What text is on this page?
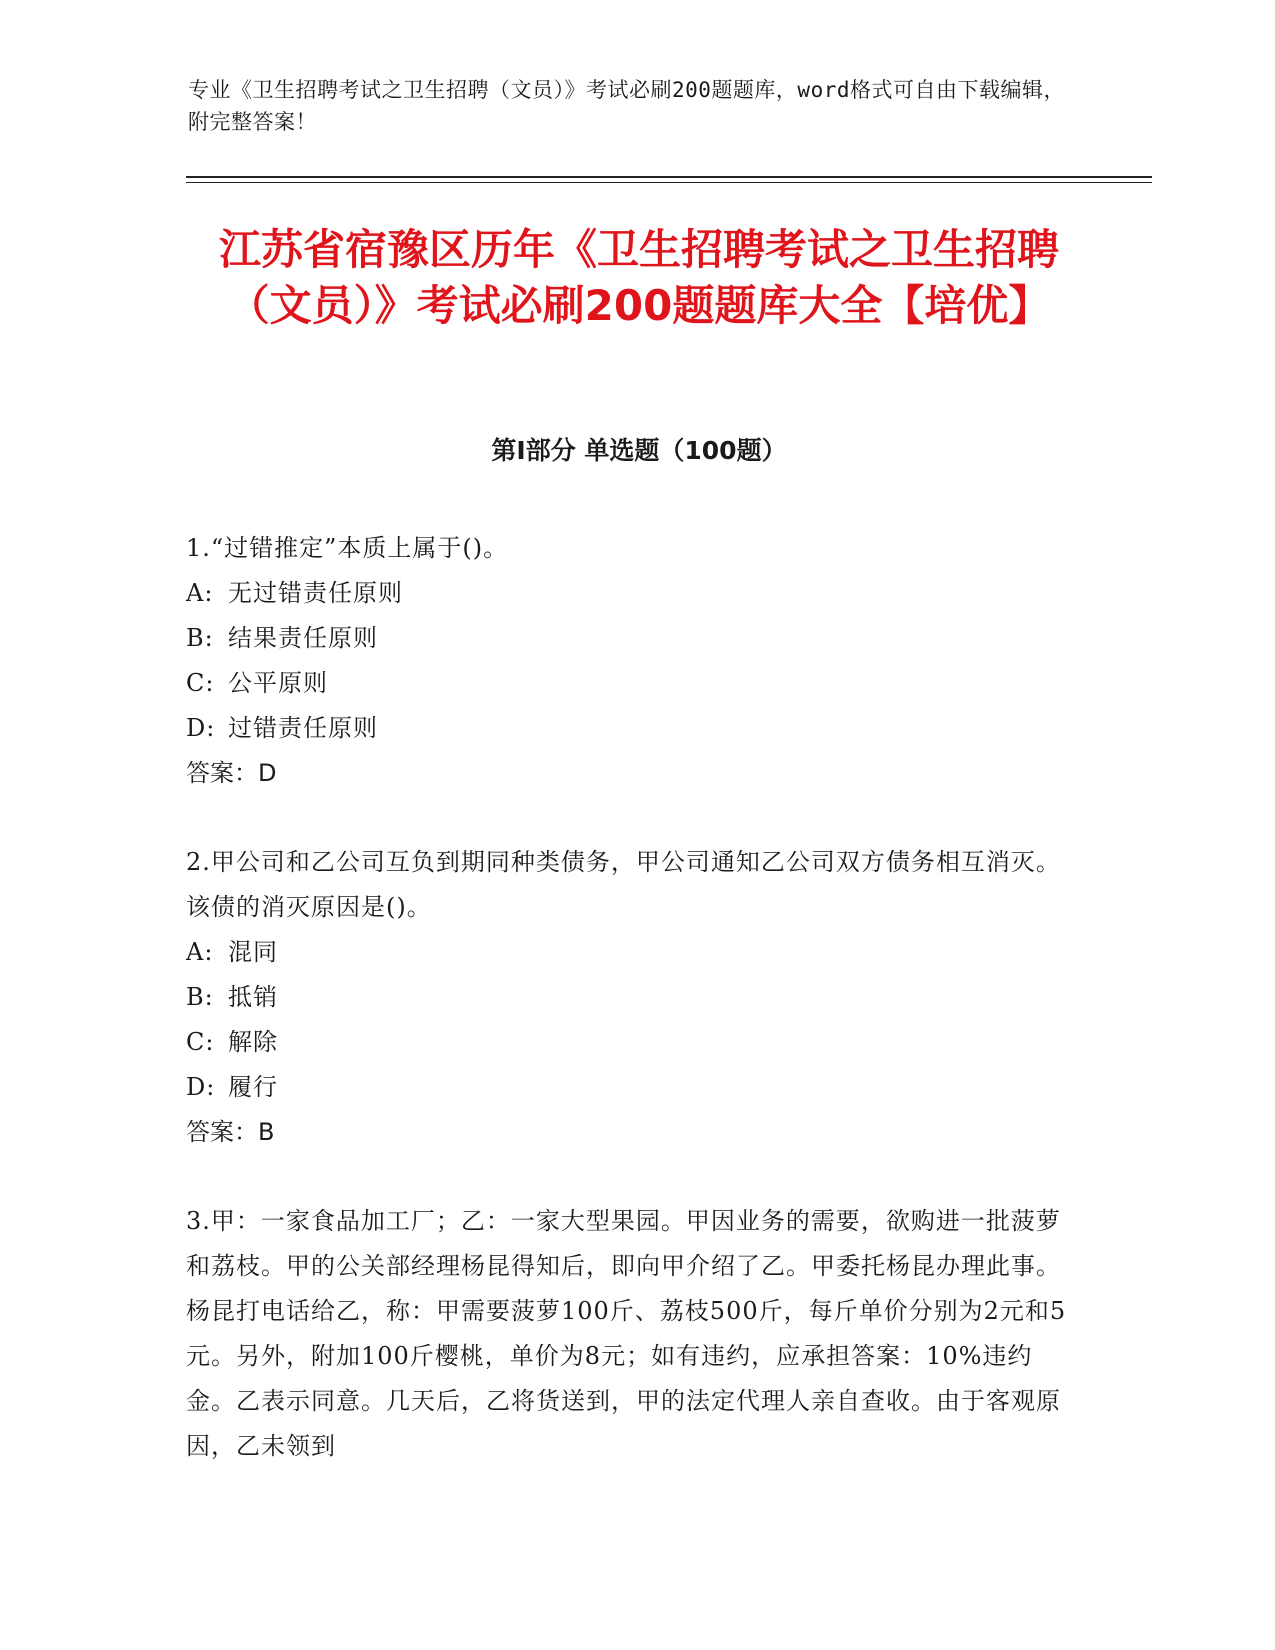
专业《卫生招聘考试之卫生招聘（文员）》考试必刷200题题库，word格式可自由下载编辑，附完整答案！
江苏省宿豫区历年《卫生招聘考试之卫生招聘（文员）》考试必刷200题题库大全【培优】
第Ⅰ部分 单选题（100题）
1.“过错推定”本质上属于()。
A: 无过错责任原则
B: 结果责任原则
C: 公平原则
D: 过错责任原则
答案：D
2.甲公司和乙公司互负到期同种类债务，甲公司通知乙公司双方债务相互消灭。该债的消灭原因是()。
A: 混同
B: 抵销
C: 解除
D: 履行
答案：B
3.甲：一家食品加工厂；乙：一家大型果园。甲因业务的需要，欲购进一批菠萝和荔枝。甲的公关部经理杨昆得知后，即向甲介绍了乙。甲委托杨昆办理此事。杨昆打电话给乙，称：甲需要菠萝100斤、荔枝500斤，每斤单价分别为2元和5元。另外，附加100斤樱桃，单价为8元；如有违约，应承担答案：10%违约金。乙表示同意。几天后，乙将货送到，甲的法定代理人亲自查收。由于客观原因，乙未领到
